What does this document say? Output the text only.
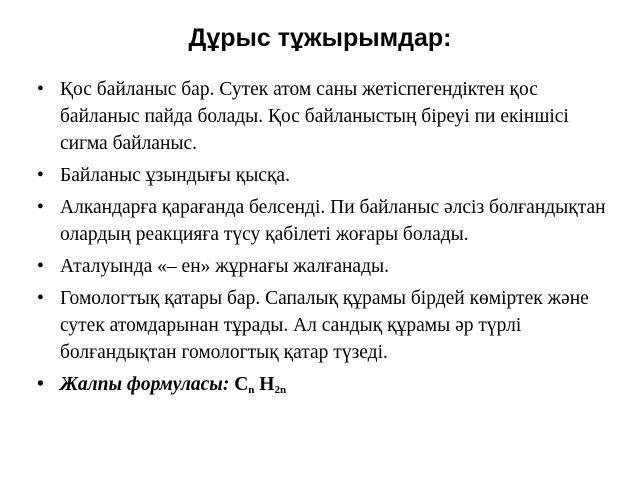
Дұрыс тұжырымдар:
• Қос байланыс бар. Сутек атом саны жетіспегендіктен қос байланыс пайда болады. Қос байланыстың біреуі пи екіншісі сигма байланыс.
• Байланыс ұзындығы қысқа.
• Алкандарға қарағанда белсенді. Пи байланыс әлсіз болғандықтан олардың реакцияға түсу қабілеті жоғары болады.
• Аталуында «– ен» жұрнағы жалғанады.
• Гомологтық қатары бар. Сапалық құрамы бірдей көміртек және сутек атомдарынан тұрады. Ал сандық құрамы әр түрлі болғандықтан гомологтық қатар түзеді.
• Жалпы формуласы: $C_n$ $H_{2n}$
